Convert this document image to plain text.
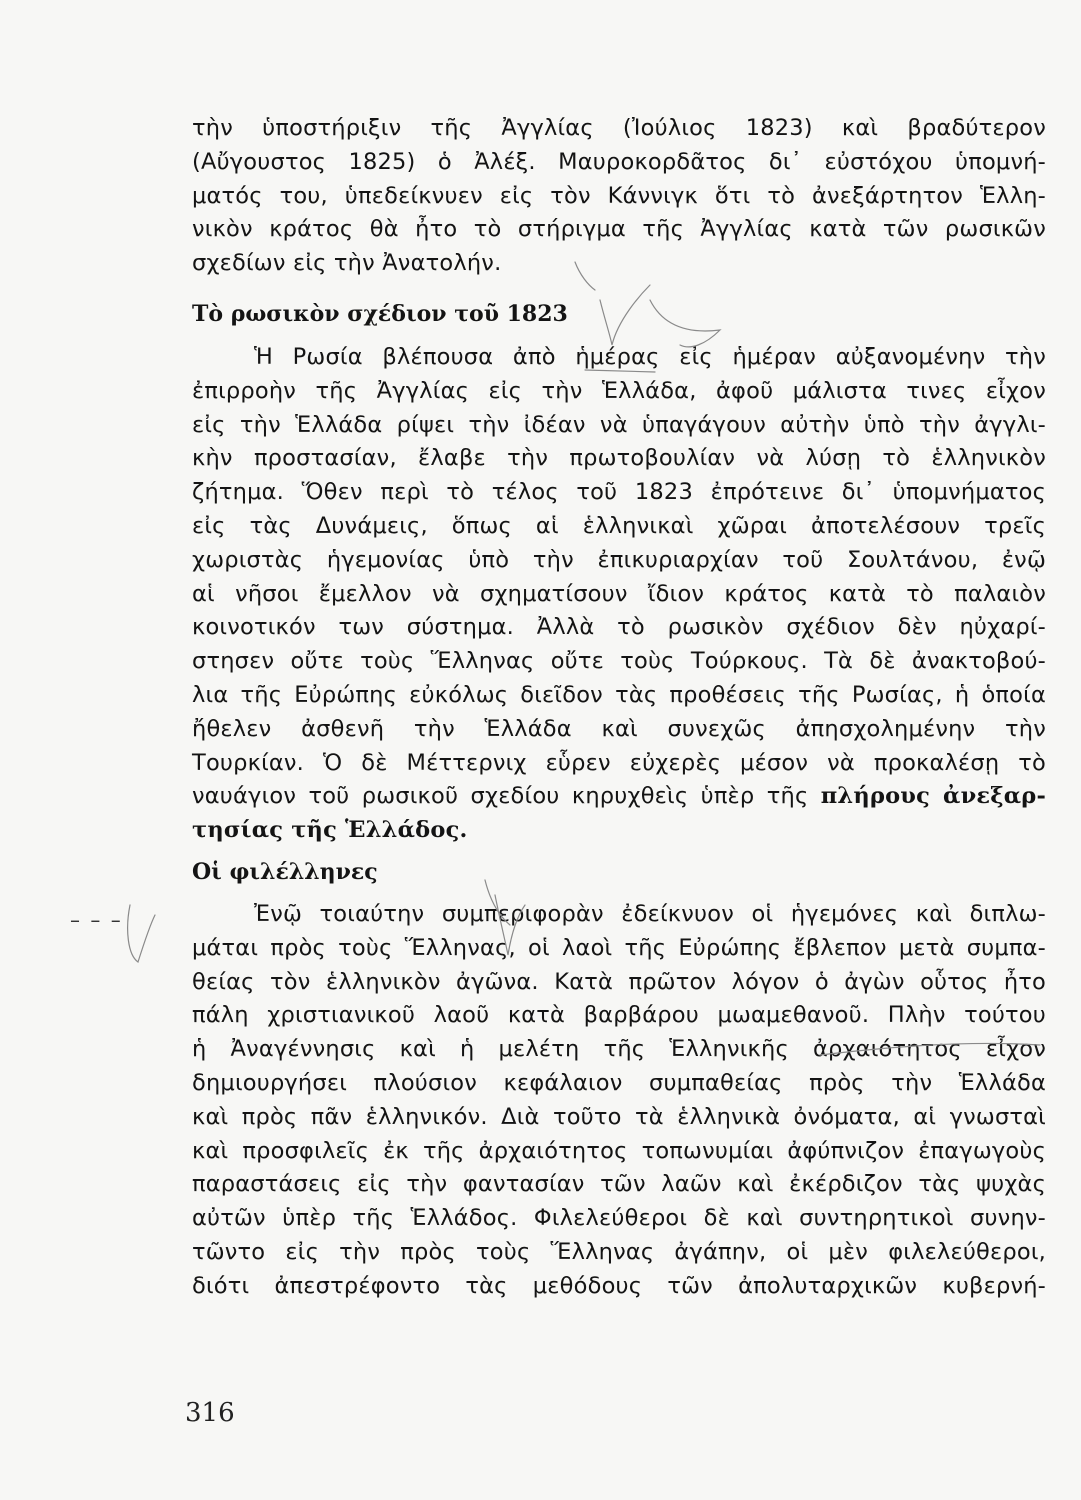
τὴν ὑποστήριξιν τῆς Ἀγγλίας (Ἰούλιος 1823) καὶ βραδύτερον
(Αὔγουστος 1825) ὁ Ἀλέξ. Μαυροκορδᾶτος δι᾽ εὐστόχου ὑπομνή-
ματός του, ὑπεδείκνυεν εἰς τὸν Κάννιγκ ὅτι τὸ ἀνεξάρτητον Ἑλλη-
νικὸν κράτος θὰ ἦτο τὸ στήριγμα τῆς Ἀγγλίας κατὰ τῶν ρωσικῶν
σχεδίων εἰς τὴν Ἀνατολήν.
Τὸ ρωσικὸν σχέδιον τοῦ 1823
Ἡ Ρωσία βλέπουσα ἀπὸ ἡμέρας εἰς ἡμέραν αὐξανομένην τὴν
ἐπιρροὴν τῆς Ἀγγλίας εἰς τὴν Ἑλλάδα, ἀφοῦ μάλιστα τινες εἶχον
εἰς τὴν Ἑλλάδα ρίψει τὴν ἰδέαν νὰ ὑπαγάγουν αὐτὴν ὑπὸ τὴν ἀγγλι-
κὴν προστασίαν, ἔλαβε τὴν πρωτοβουλίαν νὰ λύσῃ τὸ ἑλληνικὸν
ζήτημα. Ὅθεν περὶ τὸ τέλος τοῦ 1823 ἐπρότεινε δι᾽ ὑπομνήματος
εἰς τὰς Δυνάμεις, ὅπως αἱ ἑλληνικαὶ χῶραι ἀποτελέσουν τρεῖς
χωριστὰς ἡγεμονίας ὑπὸ τὴν ἐπικυριαρχίαν τοῦ Σουλτάνου, ἐνῷ
αἱ νῆσοι ἔμελλον νὰ σχηματίσουν ἴδιον κράτος κατὰ τὸ παλαιὸν
κοινοτικόν των σύστημα. Ἀλλὰ τὸ ρωσικὸν σχέδιον δὲν ηὐχαρί-
στησεν οὔτε τοὺς Ἕλληνας οὔτε τοὺς Τούρκους. Τὰ δὲ ἀνακτοβού-
λια τῆς Εὐρώπης εὐκόλως διεῖδον τὰς προθέσεις τῆς Ρωσίας, ἡ ὁποία
ἤθελεν ἀσθενῆ τὴν Ἑλλάδα καὶ συνεχῶς ἀπησχολημένην τὴν
Τουρκίαν. Ὁ δὲ Μέττερνιχ εὗρεν εὐχερὲς μέσον νὰ προκαλέσῃ τὸ
ναυάγιον τοῦ ρωσικοῦ σχεδίου κηρυχθεὶς ὑπὲρ τῆς πλήρους ἀνεξαρ-
τησίας τῆς Ἑλλάδος.
Οἱ φιλέλληνες
Ἐνῷ τοιαύτην συμπεριφορὰν ἐδείκνυον οἱ ἡγεμόνες καὶ διπλω-
μάται πρὸς τοὺς Ἕλληνας, οἱ λαοὶ τῆς Εὐρώπης ἔβλεπον μετὰ συμπα-
θείας τὸν ἑλληνικὸν ἀγῶνα. Κατὰ πρῶτον λόγον ὁ ἀγὼν οὗτος ἦτο
πάλη χριστιανικοῦ λαοῦ κατὰ βαρβάρου μωαμεθανοῦ. Πλὴν τούτου
ἡ Ἀναγέννησις καὶ ἡ μελέτη τῆς Ἑλληνικῆς ἀρχαιότητος εἶχον
δημιουργήσει πλούσιον κεφάλαιον συμπαθείας πρὸς τὴν Ἑλλάδα
καὶ πρὸς πᾶν ἑλληνικόν. Διὰ τοῦτο τὰ ἑλληνικὰ ὀνόματα, αἱ γνωσταὶ
καὶ προσφιλεῖς ἐκ τῆς ἀρχαιότητος τοπωνυμίαι ἀφύπνιζον ἐπαγωγοὺς
παραστάσεις εἰς τὴν φαντασίαν τῶν λαῶν καὶ ἐκέρδιζον τὰς ψυχὰς
αὐτῶν ὑπὲρ τῆς Ἑλλάδος. Φιλελεύθεροι δὲ καὶ συντηρητικοὶ συνην-
τῶντο εἰς τὴν πρὸς τοὺς Ἕλληνας ἀγάπην, οἱ μὲν φιλελεύθεροι,
διότι ἀπεστρέφοντο τὰς μεθόδους τῶν ἀπολυταρχικῶν κυβερνή-
– – –
316
